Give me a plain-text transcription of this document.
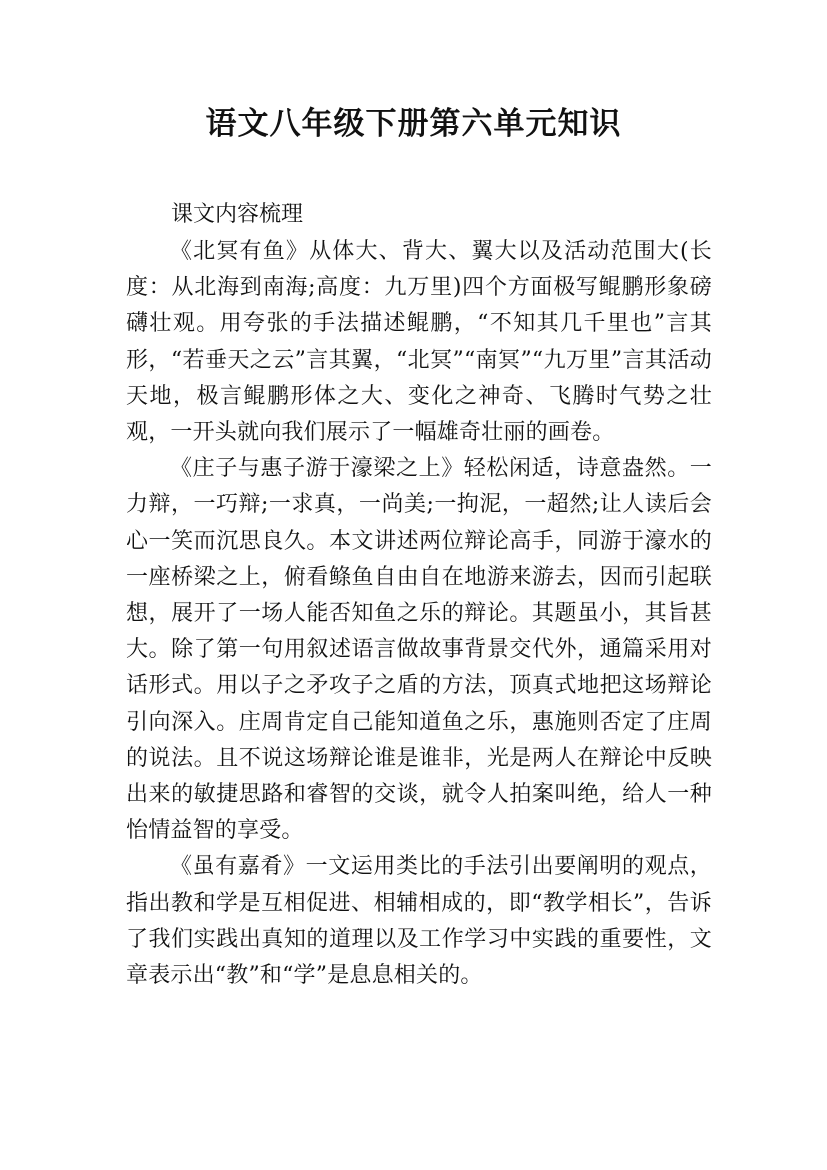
语文八年级下册第六单元知识

课文内容梳理

《北冥有鱼》从体大、背大、翼大以及活动范围大(长度：从北海到南海;高度：九万里)四个方面极写鲲鹏形象磅礴壮观。用夸张的手法描述鲲鹏，“不知其几千里也”言其形，“若垂天之云”言其翼，“北冥”“南冥”“九万里”言其活动天地，极言鲲鹏形体之大、变化之神奇、飞腾时气势之壮观，一开头就向我们展示了一幅雄奇壮丽的画卷。

《庄子与惠子游于濠梁之上》轻松闲适，诗意盎然。一力辩，一巧辩;一求真，一尚美;一拘泥，一超然;让人读后会心一笑而沉思良久。本文讲述两位辩论高手，同游于濠水的一座桥梁之上，俯看鲦鱼自由自在地游来游去，因而引起联想，展开了一场人能否知鱼之乐的辩论。其题虽小，其旨甚大。除了第一句用叙述语言做故事背景交代外，通篇采用对话形式。用以子之矛攻子之盾的方法，顶真式地把这场辩论引向深入。庄周肯定自己能知道鱼之乐，惠施则否定了庄周的说法。且不说这场辩论谁是谁非，光是两人在辩论中反映出来的敏捷思路和睿智的交谈，就令人拍案叫绝，给人一种怡情益智的享受。

《虽有嘉肴》一文运用类比的手法引出要阐明的观点，指出教和学是互相促进、相辅相成的，即“教学相长”，告诉了我们实践出真知的道理以及工作学习中实践的重要性，文章表示出“教”和“学”是息息相关的。
